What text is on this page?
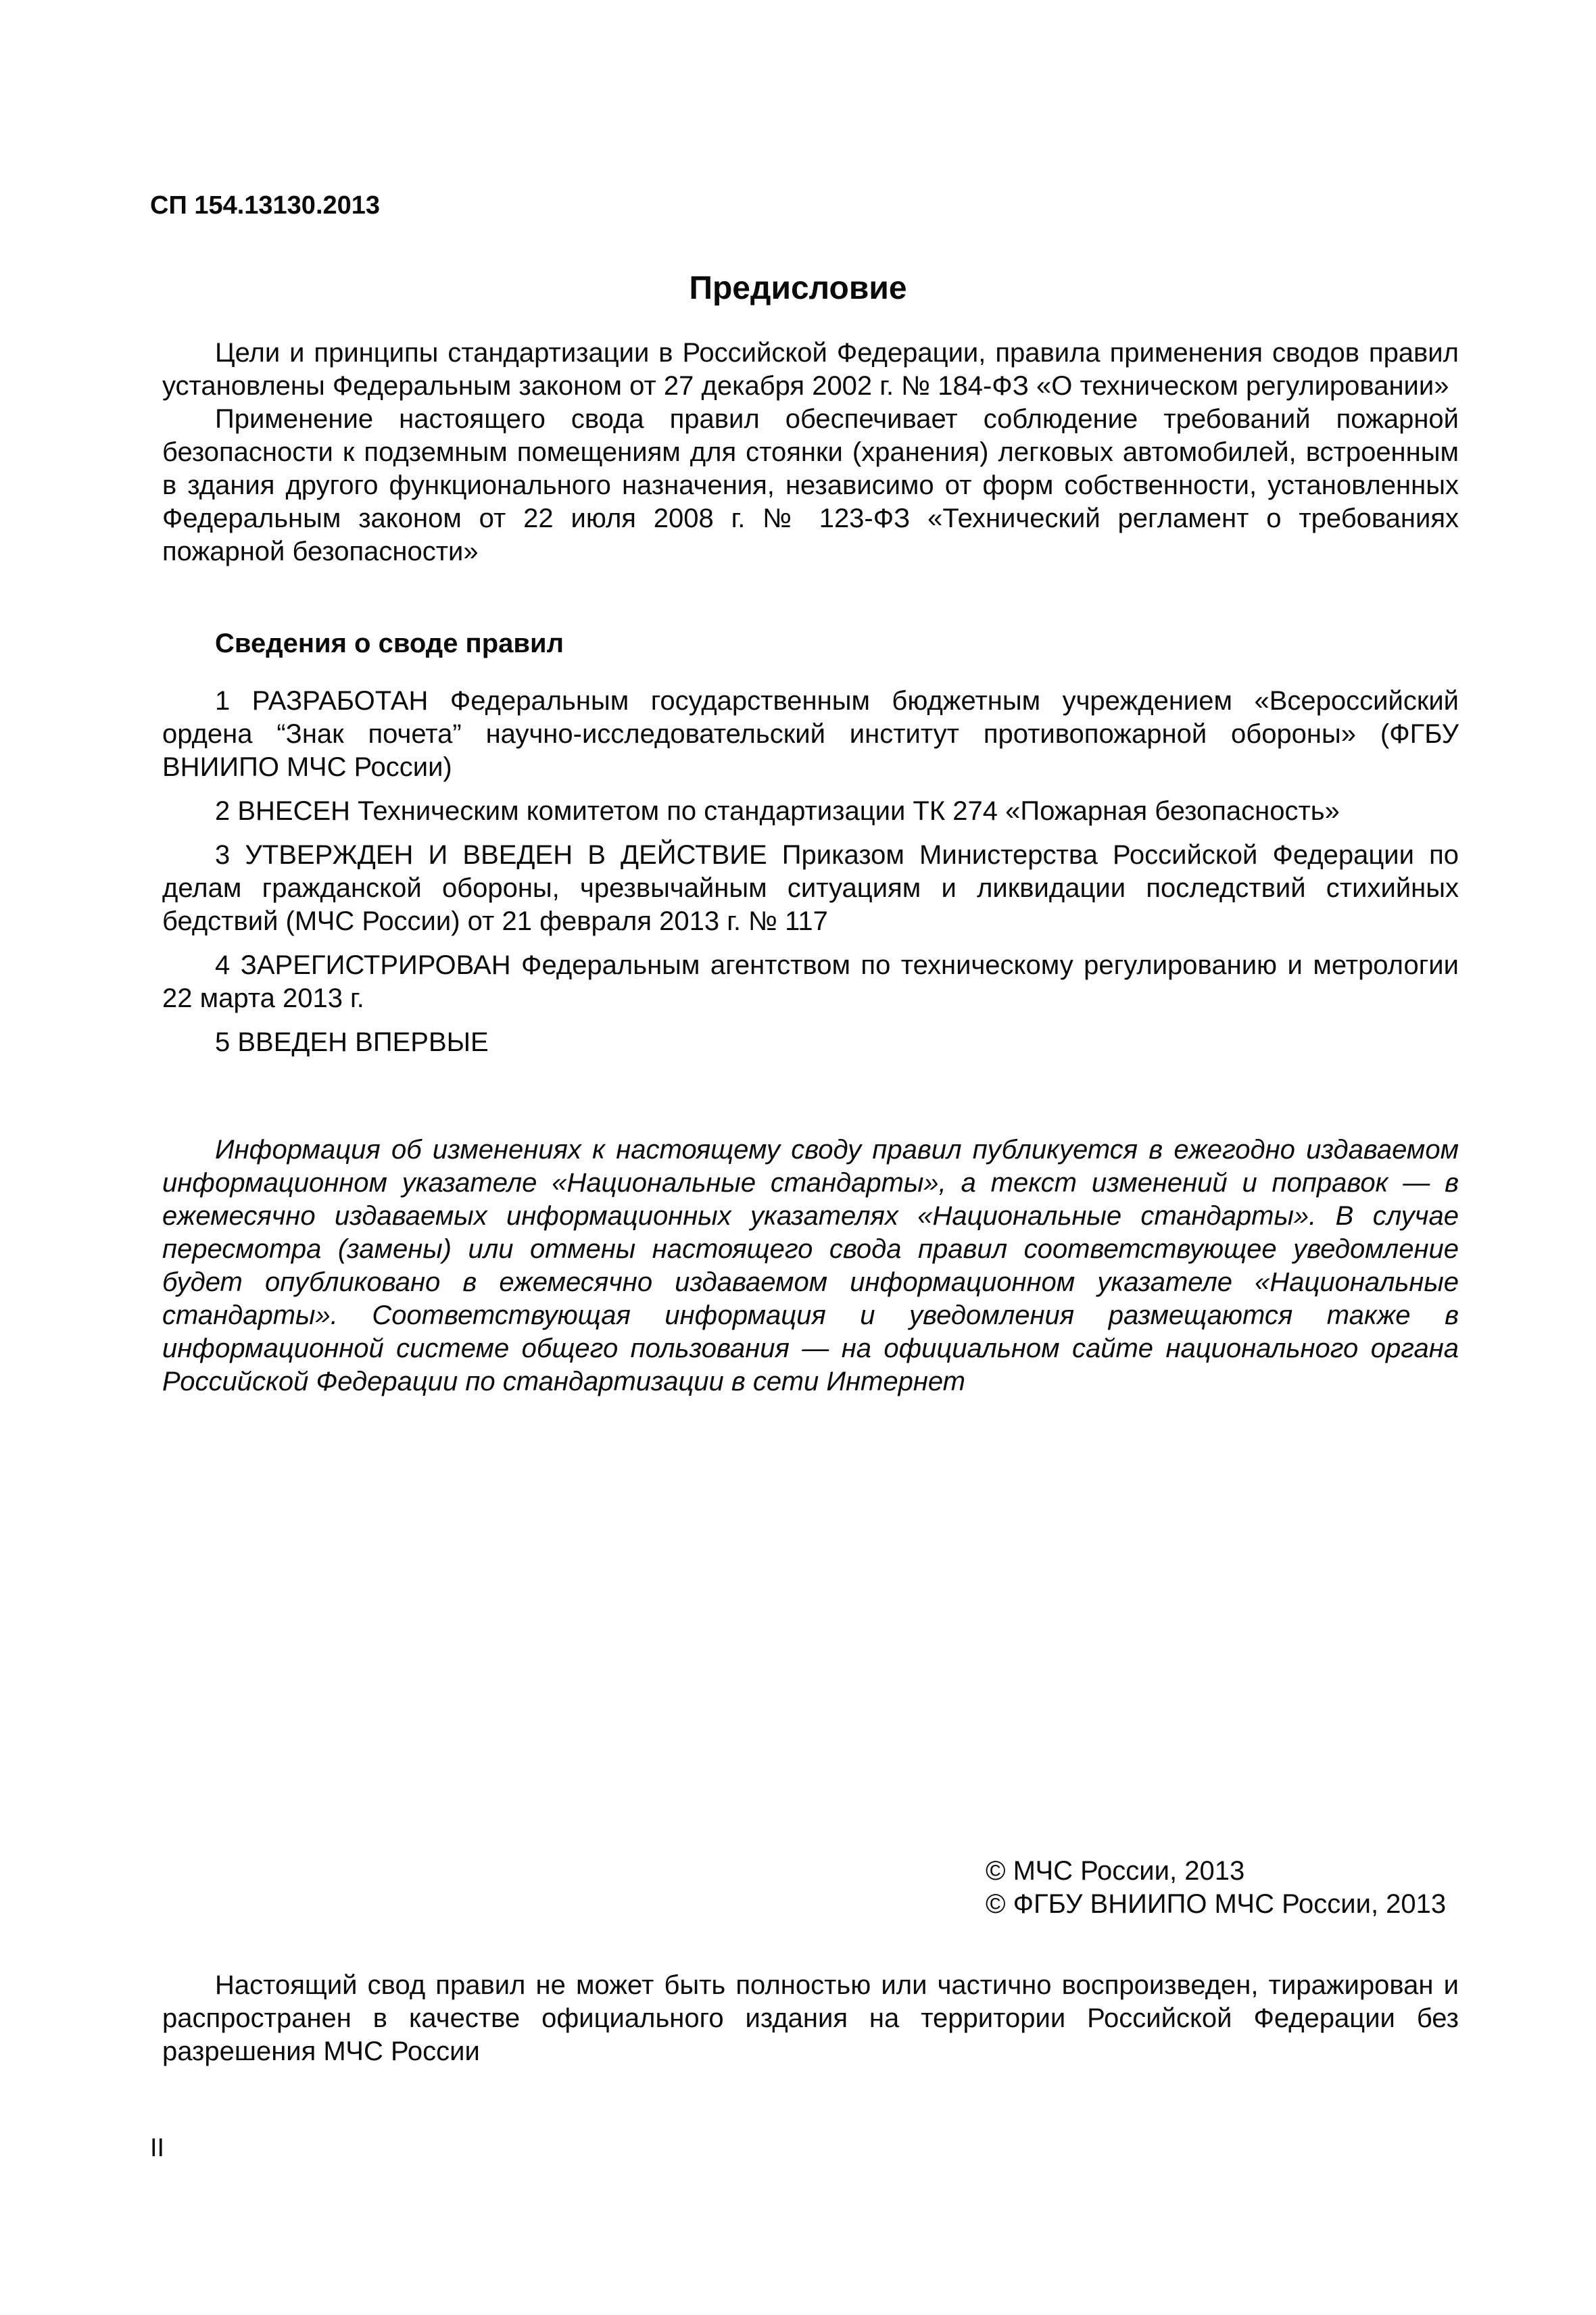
СП 154.13130.2013
Предисловие

Цели и принципы стандартизации в Российской Федерации, правила применения сводов правил установлены Федеральным законом от 27 декабря 2002 г. № 184-ФЗ «О техническом регулировании»

Применение настоящего свода правил обеспечивает соблюдение требований пожарной безопасности к подземным помещениям для стоянки (хранения) легковых автомобилей, встроенным в здания другого функционального назначения, независимо от форм собственности, установленных Федеральным законом от 22 июля 2008 г. № 123-ФЗ «Технический регламент о требованиях пожарной безопасности»

Сведения о своде правил

1 РАЗРАБОТАН Федеральным государственным бюджетным учреждением «Всероссийский ордена “Знак почета” научно-исследовательский институт противопожарной обороны» (ФГБУ ВНИИПО МЧС России)

2 ВНЕСЕН Техническим комитетом по стандартизации ТК 274 «Пожарная безопасность»

3 УТВЕРЖДЕН И ВВЕДЕН В ДЕЙСТВИЕ Приказом Министерства Российской Федерации по делам гражданской обороны, чрезвычайным ситуациям и ликвидации последствий стихийных бедствий (МЧС России) от 21 февраля 2013 г. № 117

4 ЗАРЕГИСТРИРОВАН Федеральным агентством по техническому регулированию и метрологии 22 марта 2013 г.

5 ВВЕДЕН ВПЕРВЫЕ

Информация об изменениях к настоящему своду правил публикуется в ежегодно издаваемом информационном указателе «Национальные стандарты», а текст изменений и поправок — в ежемесячно издаваемых информационных указателях «Национальные стандарты». В случае пересмотра (замены) или отмены настоящего свода правил соответствующее уведомление будет опубликовано в ежемесячно издаваемом информационном указателе «Национальные стандарты». Соответствующая информация и уведомления размещаются также в информационной системе общего пользования — на официальном сайте национального органа Российской Федерации по стандартизации в сети Интернет

© МЧС России, 2013
© ФГБУ ВНИИПО МЧС России, 2013

Настоящий свод правил не может быть полностью или частично воспроизведен, тиражирован и распространен в качестве официального издания на территории Российской Федерации без разрешения МЧС России

II
